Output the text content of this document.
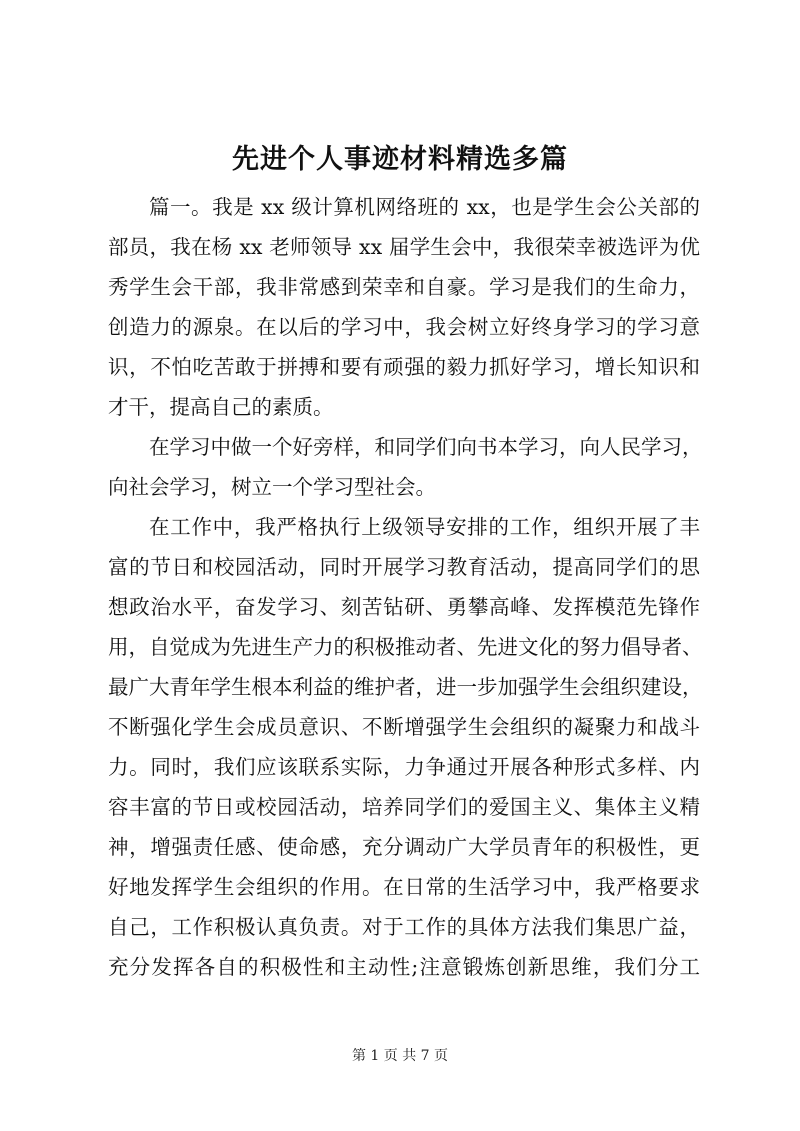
先进个人事迹材料精选多篇
篇一。我是 xx 级计算机网络班的 xx，也是学生会公关部的
部员，我在杨 xx 老师领导 xx 届学生会中，我很荣幸被选评为优
秀学生会干部，我非常感到荣幸和自豪。学习是我们的生命力，
创造力的源泉。在以后的学习中，我会树立好终身学习的学习意
识，不怕吃苦敢于拼搏和要有顽强的毅力抓好学习，增长知识和
才干，提高自己的素质。
在学习中做一个好旁样，和同学们向书本学习，向人民学习，
向社会学习，树立一个学习型社会。
在工作中，我严格执行上级领导安排的工作，组织开展了丰
富的节日和校园活动，同时开展学习教育活动，提高同学们的思
想政治水平，奋发学习、刻苦钻研、勇攀高峰、发挥模范先锋作
用，自觉成为先进生产力的积极推动者、先进文化的努力倡导者、
最广大青年学生根本利益的维护者，进一步加强学生会组织建设，
不断强化学生会成员意识、不断增强学生会组织的凝聚力和战斗
力。同时，我们应该联系实际，力争通过开展各种形式多样、内
容丰富的节日或校园活动，培养同学们的爱国主义、集体主义精
神，增强责任感、使命感，充分调动广大学员青年的积极性，更
好地发挥学生会组织的作用。在日常的生活学习中，我严格要求
自己，工作积极认真负责。对于工作的具体方法我们集思广益，
充分发挥各自的积极性和主动性;注意锻炼创新思维，我们分工
第 1 页 共 7 页
